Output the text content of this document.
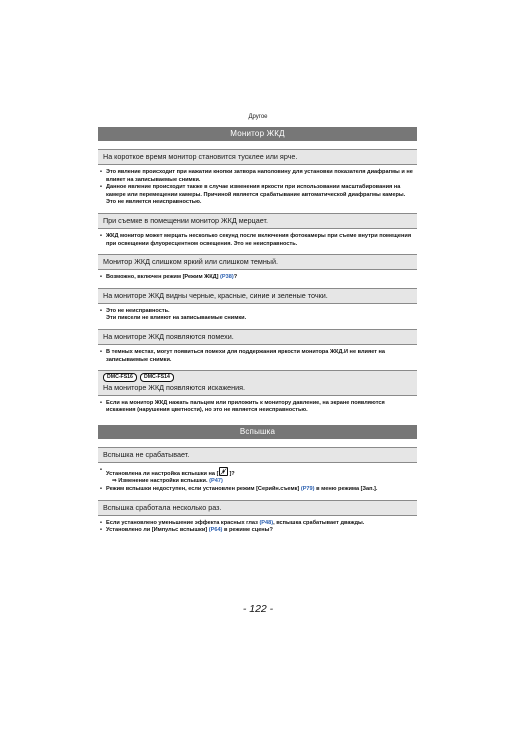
Другое
Монитор ЖКД
На короткое время монитор становится тусклее или ярче.
• Это явление происходит при нажатии кнопки затвора наполовину для установки показателя диафрагмы и не влияет на записываемые снимки.
• Данное явление происходит также в случае изменения яркости при использовании масштабирования на камере или перемещении камеры. Причиной является срабатывание автоматической диафрагмы камеры. Это не является неисправностью.
При съемке в помещении монитор ЖКД мерцает.
• ЖКД монитор может мерцать несколько секунд после включения фотокамеры при съеме внутри помещения при освещении флуоресцентном освещения. Это не неисправность.
Монитор ЖКД слишком яркий или слишком темный.
• Возможно, включен режим [Режим ЖКД] (P38)?
На мониторе ЖКД видны черные, красные, синие и зеленые точки.
• Это не неисправность.
Эти пиксели не влияют на записываемые снимки.
На мониторе ЖКД появляются помехи.
• В темных местах, могут появиться помехи для поддержания яркости монитора ЖКД.И не влияет на записываемые снимки.
DMC-FS16	DMC-FS14
На мониторе ЖКД появляются искажения.
• Если на монитор ЖКД нажать пальцем или приложить к монитору давление, на экране появляются искажения (нарушения цветности), но это не является неисправностью.
Вспышка
Вспышка не срабатывает.
•
Установлена ли настройка вспышки на [ ]?
⇒ Изменение настройки вспышки. (P47)
• Режим вспышки недоступен, если установлен режим [Серийн.съемк] (P79) в меню режима [Зап.].
Вспышка сработала несколько раз.
• Если установлено уменьшение эффекта красных глаз (P48), вспышка срабатывает дважды.
• Установлено ли [Импульс вспышки] (P64) в режиме сцены?
- 122 -
